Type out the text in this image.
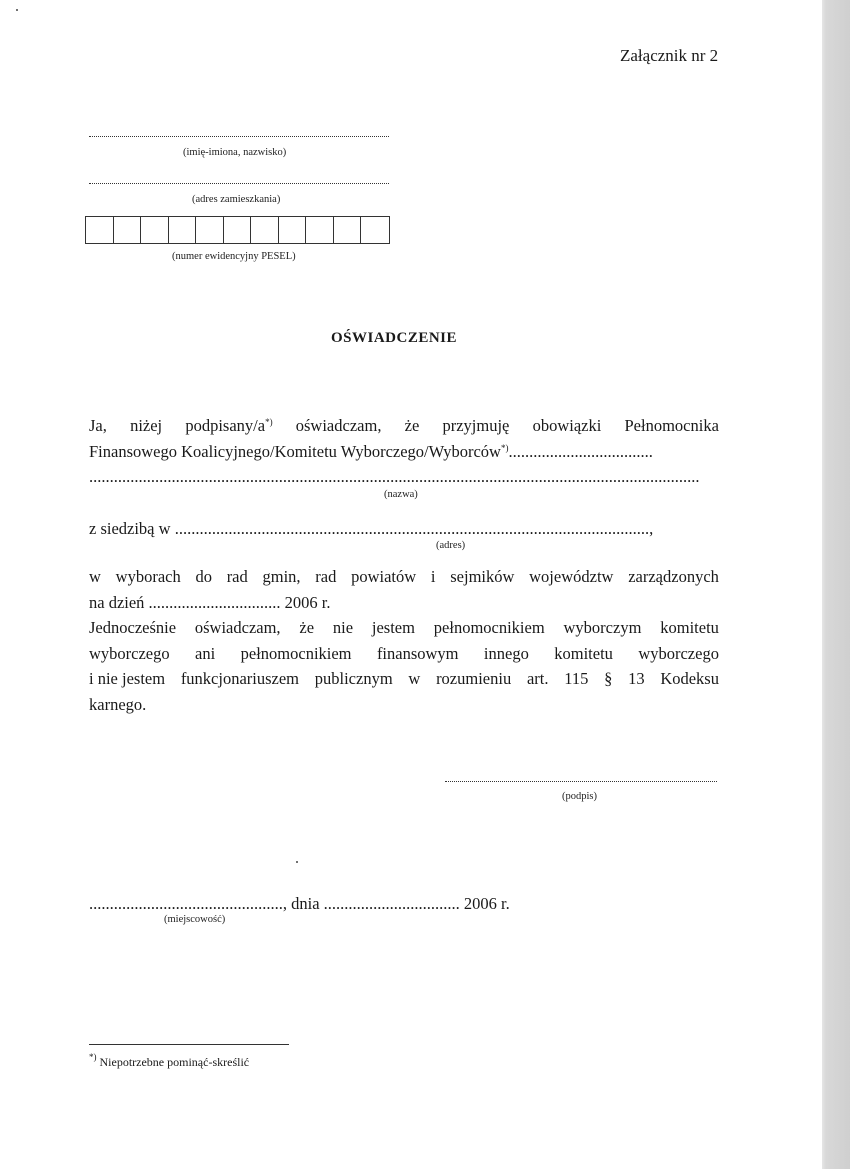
Załącznik nr 2
(imię-imiona, nazwisko)
(adres zamieszkania)
(numer ewidencyjny PESEL)
OŚWIADCZENIE
Ja, niżej podpisany/a*) oświadczam, że przyjmuję obowiązki Pełnomocnika
Finansowego Koalicyjnego/Komitetu Wyborczego/Wyborców*)...................................
....................................................................................................................................................
(nazwa)
z siedzibą w ...................................................................................................................,
(adres)
w wyborach do rad gmin, rad powiatów i sejmików województw zarządzonych
na dzień ................................ 2006 r.
Jednocześnie oświadczam, że nie jestem pełnomocnikiem wyborczym komitetu
wyborczego ani pełnomocnikiem finansowym innego komitetu wyborczego
i nie jestem funkcjonariuszem publicznym w rozumieniu art. 115 § 13 Kodeksu
karnego.
(podpis)
..............................................., dnia ................................. 2006 r.
(miejscowość)
*) Niepotrzebne pominąć-skreślić
